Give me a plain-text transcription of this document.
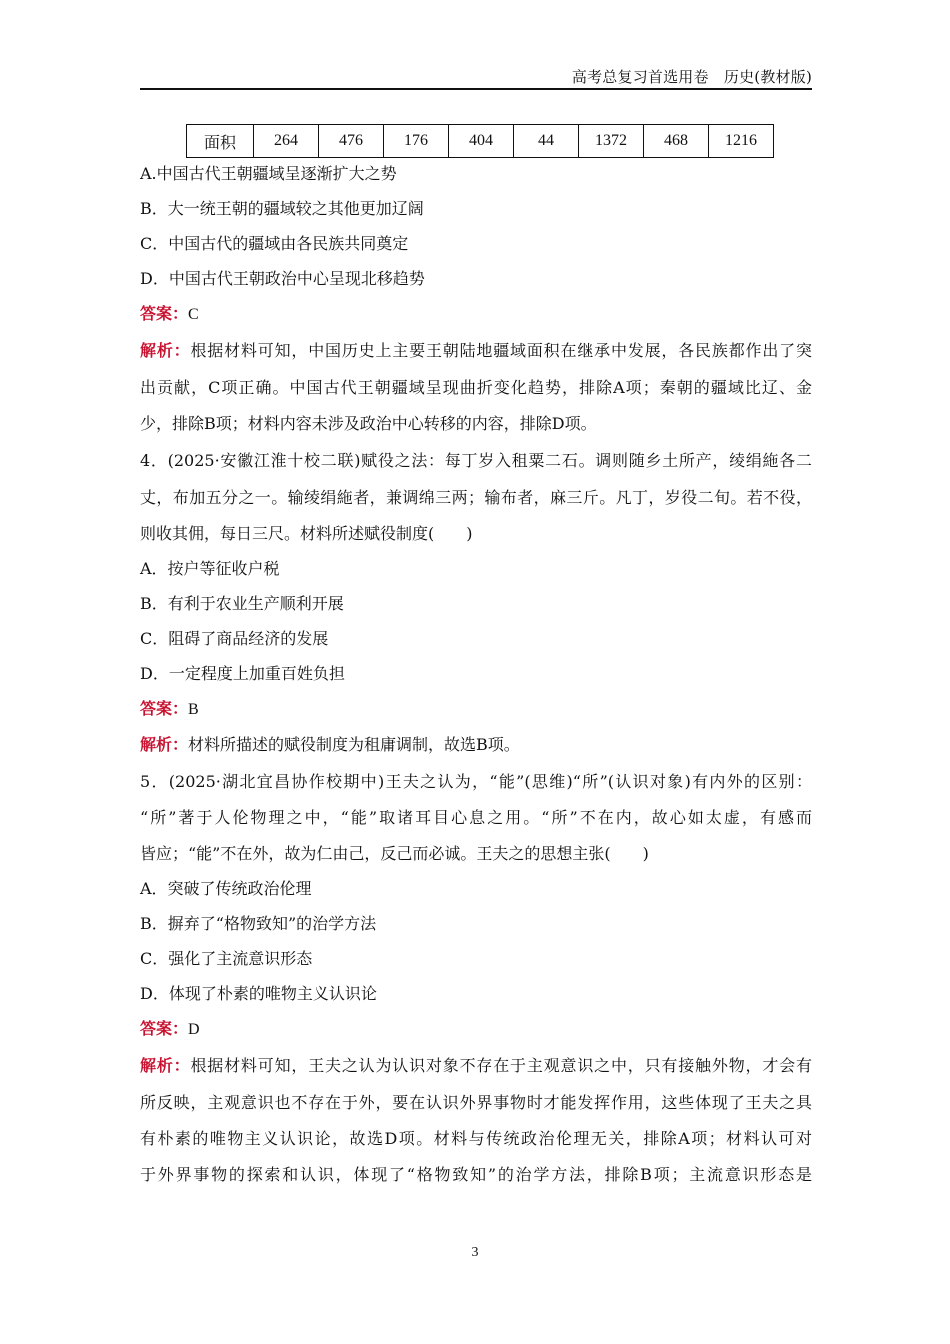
高考总复习首选用卷　历史(教材版)
面积	264	476	176	404	44	1372	468	1216
A.中国古代王朝疆域呈逐渐扩大之势
B．大一统王朝的疆域较之其他更加辽阔
C．中国古代的疆域由各民族共同奠定
D．中国古代王朝政治中心呈现北移趋势
答案：C
解析：根据材料可知，中国历史上主要王朝陆地疆域面积在继承中发展，各民族都作出了突
出贡献，C项正确。中国古代王朝疆域呈现曲折变化趋势，排除A项；秦朝的疆域比辽、金
少，排除B项；材料内容未涉及政治中心转移的内容，排除D项。
4．(2025·安徽江淮十校二联)赋役之法：每丁岁入租粟二石。调则随乡土所产，绫绢絁各二
丈，布加五分之一。输绫绢絁者，兼调绵三两；输布者，麻三斤。凡丁，岁役二旬。若不役，
则收其佣，每日三尺。材料所述赋役制度(　　)
A．按户等征收户税
B．有利于农业生产顺利开展
C．阻碍了商品经济的发展
D．一定程度上加重百姓负担
答案：B
解析：材料所描述的赋役制度为租庸调制，故选B项。
5．(2025·湖北宜昌协作校期中)王夫之认为，“能”(思维)“所”(认识对象)有内外的区别：
“所”著于人伦物理之中，“能”取诸耳目心息之用。“所”不在内，故心如太虚，有感而
皆应；“能”不在外，故为仁由己，反己而必诚。王夫之的思想主张(　　)
A．突破了传统政治伦理
B．摒弃了“格物致知”的治学方法
C．强化了主流意识形态
D．体现了朴素的唯物主义认识论
答案：D
解析：根据材料可知，王夫之认为认识对象不存在于主观意识之中，只有接触外物，才会有
所反映，主观意识也不存在于外，要在认识外界事物时才能发挥作用，这些体现了王夫之具
有朴素的唯物主义认识论，故选D项。材料与传统政治伦理无关，排除A项；材料认可对
于外界事物的探索和认识，体现了“格物致知”的治学方法，排除B项；主流意识形态是
3
